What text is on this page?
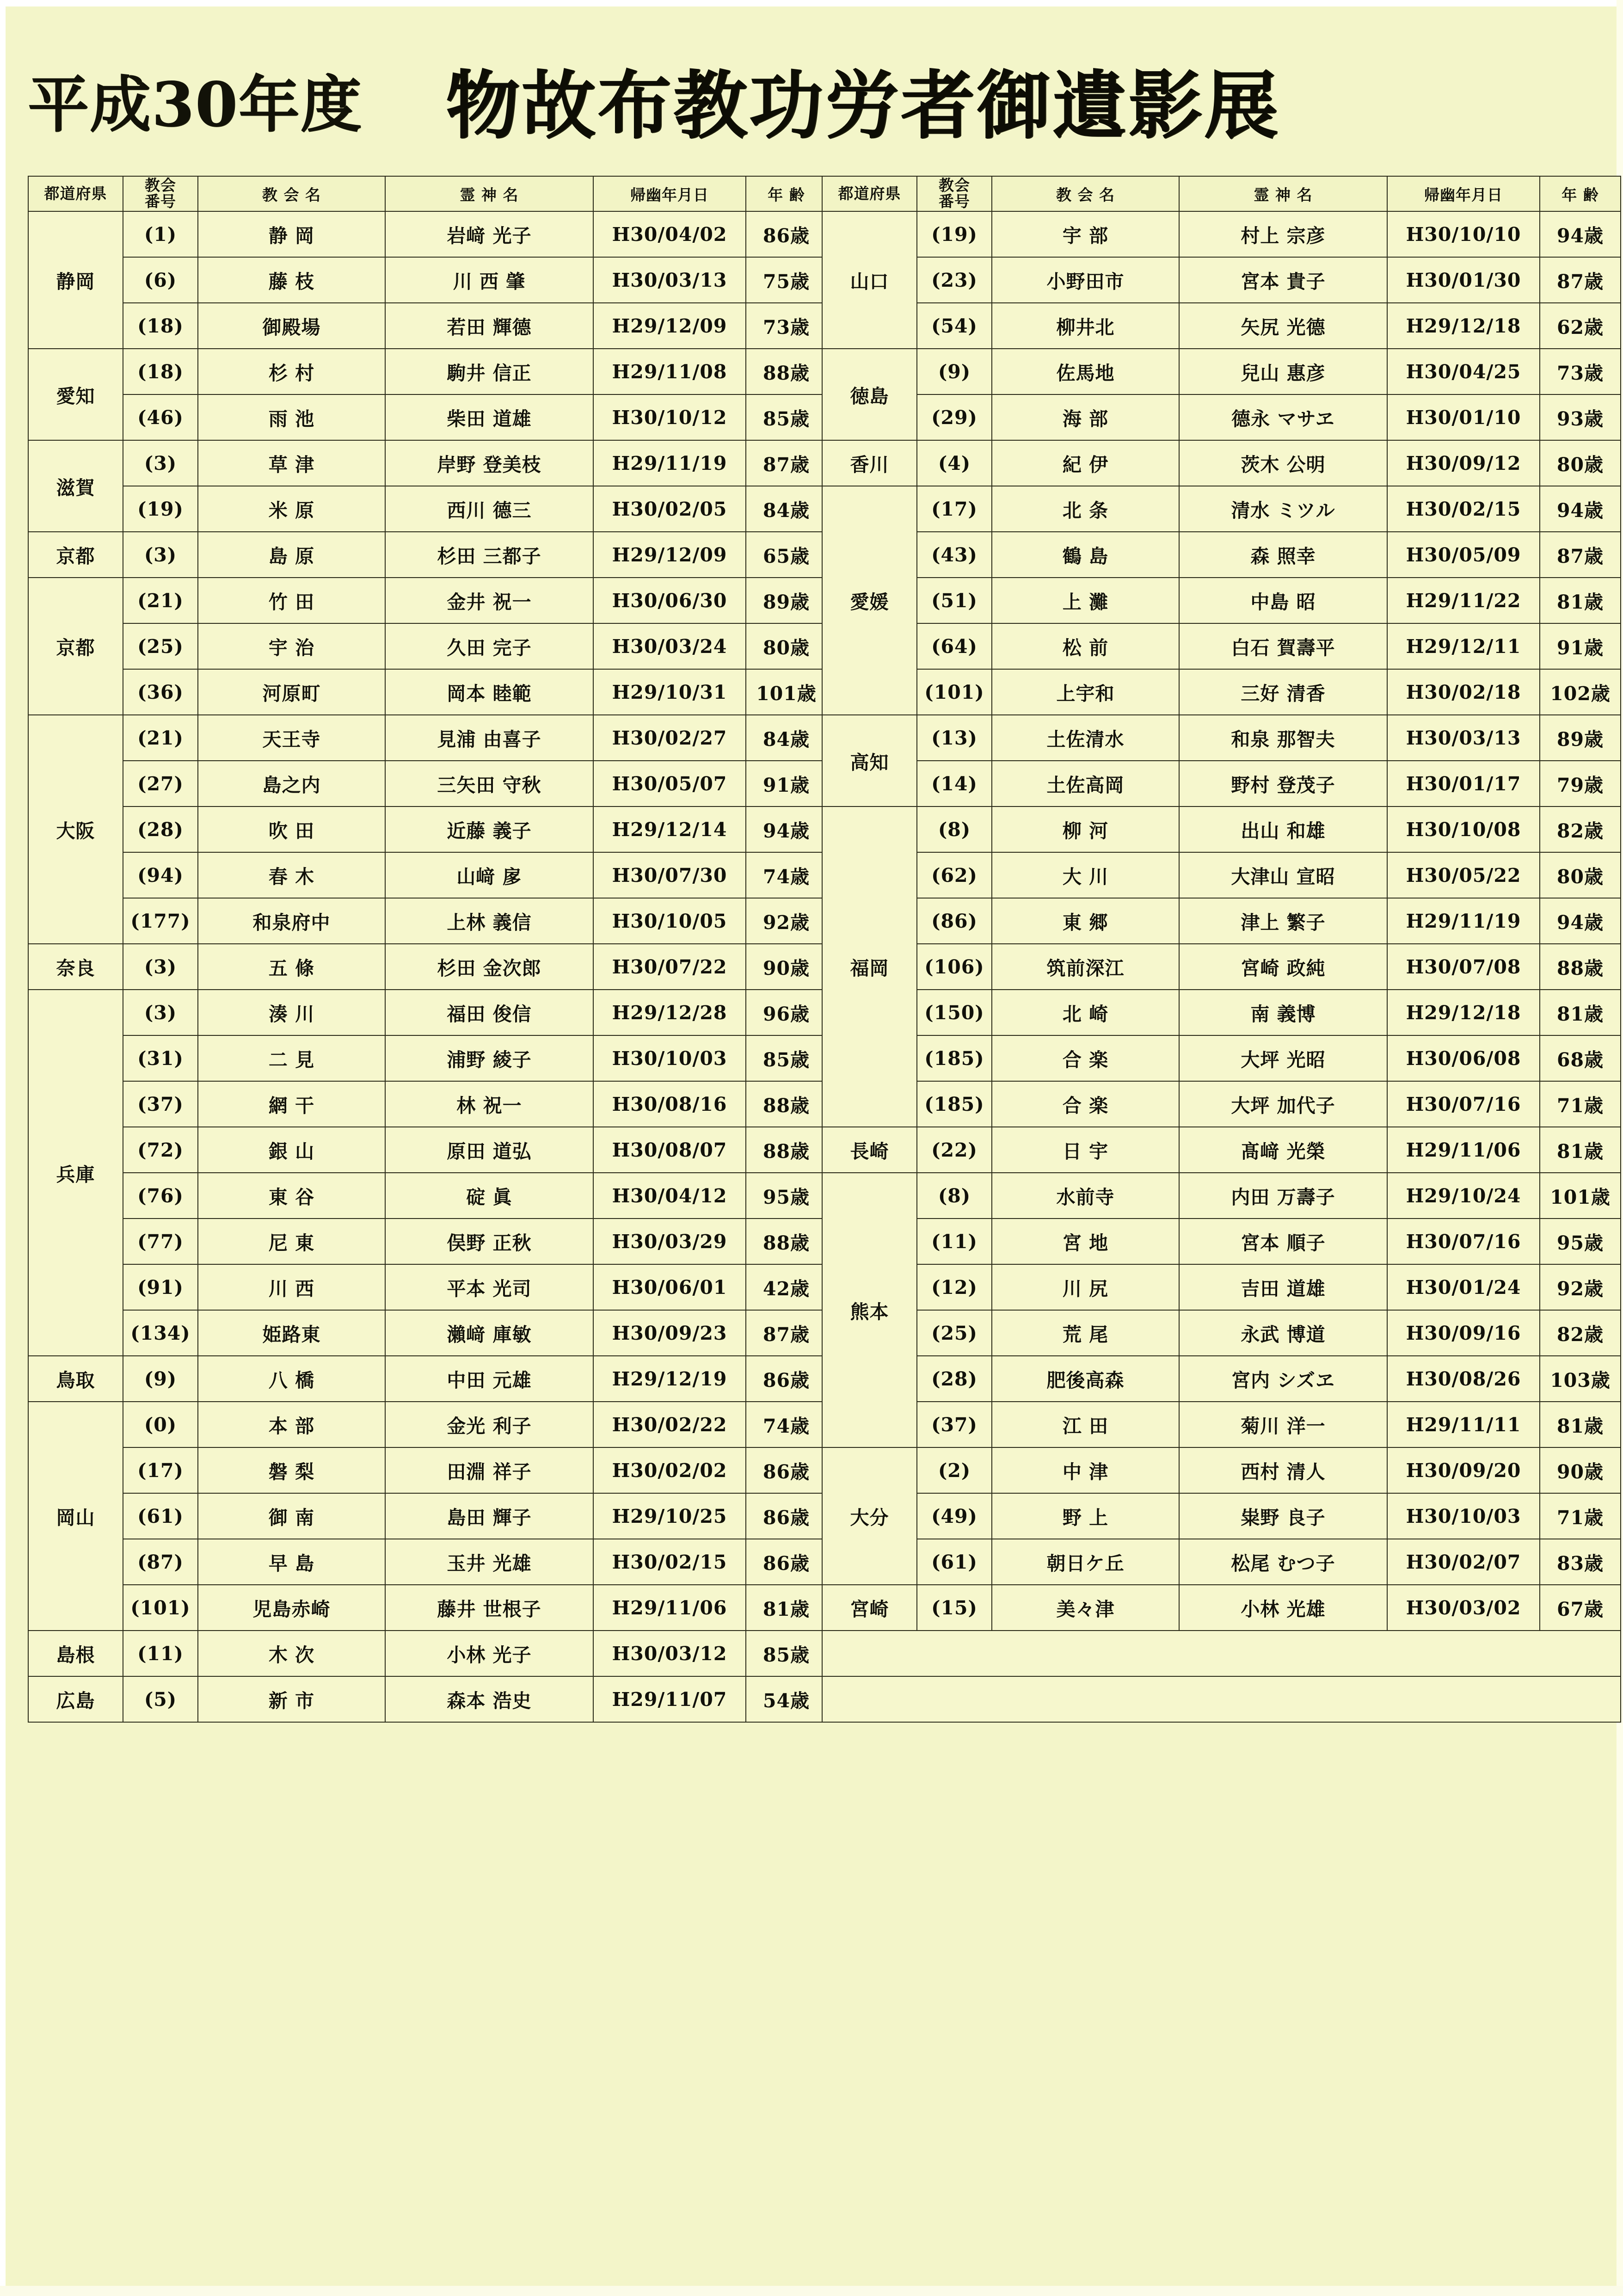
平成30年度 物故布教功労者御遺影展
都道府県	教会
番号	教 会 名	霊 神 名	帰幽年月日	年 齢
静岡	(1)	静 岡	岩﨑 光子	H30/04/02	86歳
	(6)	藤 枝	川 西 肇	H30/03/13	75歳
	(18)	御殿場	若田 輝德	H29/12/09	73歳
愛知	(18)	杉 村	駒井 信正	H29/11/08	88歳
	(46)	雨 池	柴田 道雄	H30/10/12	85歳
滋賀	(3)	草 津	岸野 登美枝	H29/11/19	87歳
	(19)	米 原	西川 德三	H30/02/05	84歳
京都	(3)	島 原	杉田 三都子	H29/12/09	65歳
京都	(21)	竹 田	金井 祝一	H30/06/30	89歳
	(25)	宇 治	久田 完子	H30/03/24	80歳
	(36)	河原町	岡本 睦範	H29/10/31	101歳
大阪	(21)	天王寺	見浦 由喜子	H30/02/27	84歳
	(27)	島之内	三矢田 守秋	H30/05/07	91歳
	(28)	吹 田	近藤 義子	H29/12/14	94歳
	(94)	春 木	山﨑 扅	H30/07/30	74歳
	(177)	和泉府中	上林 義信	H30/10/05	92歳
奈良	(3)	五 條	杉田 金次郎	H30/07/22	90歳
兵庫	(3)	湊 川	福田 俊信	H29/12/28	96歳
	(31)	二 見	浦野 綾子	H30/10/03	85歳
	(37)	網 干	林 祝一	H30/08/16	88歳
	(72)	銀 山	原田 道弘	H30/08/07	88歳
	(76)	東 谷	碇 眞	H30/04/12	95歳
	(77)	尼 東	俣野 正秋	H30/03/29	88歳
	(91)	川 西	平本 光司	H30/06/01	42歳
	(134)	姫路東	瀨﨑 庫敏	H30/09/23	87歳
鳥取	(9)	八 橋	中田 元雄	H29/12/19	86歳
岡山	(0)	本 部	金光 利子	H30/02/22	74歳
	(17)	磐 梨	田淵 祥子	H30/02/02	86歳
	(61)	御 南	島田 輝子	H29/10/25	86歳
	(87)	早 島	玉井 光雄	H30/02/15	86歳
	(101)	児島赤崎	藤井 世根子	H29/11/06	81歳
島根	(11)	木 次	小林 光子	H30/03/12	85歳
広島	(5)	新 市	森本 浩史	H29/11/07	54歳
都道府県	教会
番号	教 会 名	霊 神 名	帰幽年月日	年 齢
山口	(19)	宇 部	村上 宗彦	H30/10/10	94歳
	(23)	小野田市	宮本 貴子	H30/01/30	87歳
	(54)	柳井北	矢尻 光德	H29/12/18	62歳
徳島	(9)	佐馬地	兒山 惠彦	H30/04/25	73歳
	(29)	海 部	德永 マサヱ	H30/01/10	93歳
香川	(4)	紀 伊	茨木 公明	H30/09/12	80歳
愛媛	(17)	北 条	清水 ミツル	H30/02/15	94歳
	(43)	鶴 島	森 照幸	H30/05/09	87歳
	(51)	上 灘	中島 昭	H29/11/22	81歳
	(64)	松 前	白石 賀壽平	H29/12/11	91歳
	(101)	上宇和	三好 清香	H30/02/18	102歳
高知	(13)	土佐清水	和泉 那智夫	H30/03/13	89歳
	(14)	土佐高岡	野村 登茂子	H30/01/17	79歳
福岡	(8)	柳 河	出山 和雄	H30/10/08	82歳
	(62)	大 川	大津山 宣昭	H30/05/22	80歳
	(86)	東 郷	津上 繁子	H29/11/19	94歳
	(106)	筑前深江	宮崎 政純	H30/07/08	88歳
	(150)	北 崎	南 義博	H29/12/18	81歳
	(185)	合 楽	大坪 光昭	H30/06/08	68歳
	(185)	合 楽	大坪 加代子	H30/07/16	71歳
長崎	(22)	日 宇	髙﨑 光榮	H29/11/06	81歳
熊本	(8)	水前寺	内田 万壽子	H29/10/24	101歳
	(11)	宮 地	宮本 順子	H30/07/16	95歳
	(12)	川 尻	吉田 道雄	H30/01/24	92歳
	(25)	荒 尾	永武 博道	H30/09/16	82歳
	(28)	肥後高森	宮内 シズヱ	H30/08/26	103歳
	(37)	江 田	菊川 洋一	H29/11/11	81歳
大分	(2)	中 津	西村 清人	H30/09/20	90歳
	(49)	野 上	粜野 良子	H30/10/03	71歳
	(61)	朝日ケ丘	松尾 むつ子	H30/02/07	83歳
宮崎	(15)	美々津	小林 光雄	H30/03/02	67歳
